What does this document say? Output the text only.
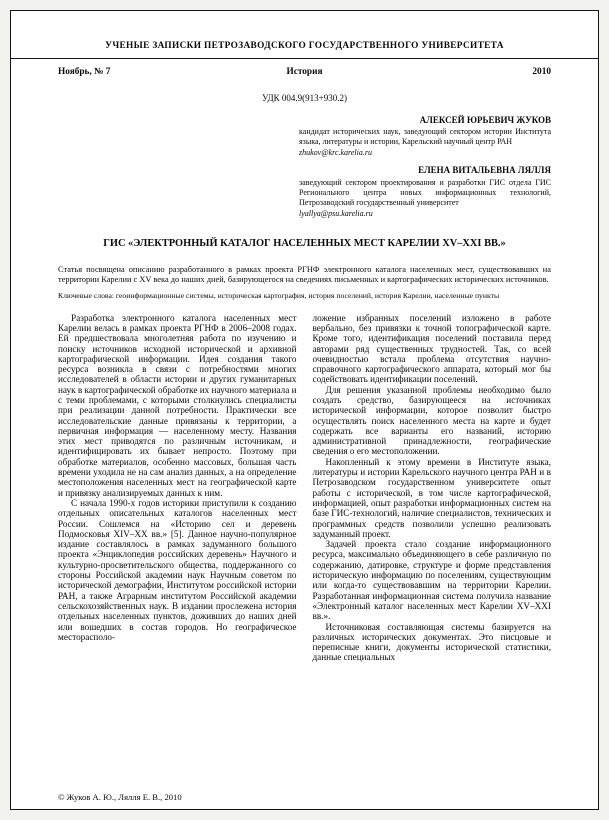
УЧЕНЫЕ ЗАПИСКИ ПЕТРОЗАВОДСКОГО ГОСУДАРСТВЕННОГО УНИВЕРСИТЕТА
Ноябрь, № 7	История	2010
УДК 004.9(913+930.2)
АЛЕКСЕЙ ЮРЬЕВИЧ ЖУКОВ
кандидат исторических наук, заведующий сектором истории Института языка, литературы и истории, Карельский научный центр РАН
zhukov@krc.karelia.ru
ЕЛЕНА ВИТАЛЬЕВНА ЛЯЛЛЯ
заведующий сектором проектирования и разработки ГИС отдела ГИС Регионального центра новых информационных технологий, Петрозаводский государственный университет
lyallya@psu.karelia.ru
ГИС «ЭЛЕКТРОННЫЙ КАТАЛОГ НАСЕЛЕННЫХ МЕСТ КАРЕЛИИ XV–XXI ВВ.»

Статья посвящена описанию разработанного в рамках проекта РГНФ электронного каталога населенных мест, существовавших на территории Карелии с XV века до наших дней, базирующегося на сведениях письменных и картографических исторических источников.

Ключевые слова: геоинформационные системы, историческая картография, история поселений, история Карелии, населенные пункты

Разработка электронного каталога населенных мест Карелии велась в рамках проекта РГНФ в 2006–2008 годах. Ей предшествовала многолетняя работа по изучению и поиску источников исходной исторической и архивной картографической информации. Идея создания такого ресурса возникла в связи с потребностями многих исследователей в области истории и других гуманитарных наук в картографической обработке их научного материала и с теми проблемами, с которыми столкнулись специалисты при реализации данной потребности. Практически все исследовательские данные привязаны к территории, а первичная информация — населенному месту. Названия этих мест приводятся по различным источникам, и идентифицировать их бывает непросто. Поэтому при обработке материалов, особенно массовых, большая часть времени уходила не на сам анализ данных, а на определение местоположения населенных мест на географической карте и привязку анализируемых данных к ним.

С начала 1990-х годов историки приступили к созданию отдельных описательных каталогов населенных мест России. Сошлемся на «Историю сел и деревень Подмосковья XIV–XX вв.» [5]. Данное научно-популярное издание составлялось в рамках задуманного большого проекта «Энциклопедия российских деревень» Научного и культурно-просветительского общества, поддержанного со стороны Российской академии наук Научным советом по исторической демографии, Институтом российской истории РАН, а также Аграрным институтом Российской академии сельскохозяйственных наук. В издании прослежена история отдельных населенных пунктов, доживших до наших дней или вошедших в состав городов. Но географическое месторасполо-

ложение избранных поселений изложено в работе вербально, без привязки к точной топографической карте. Кроме того, идентификация поселений поставила перед авторами ряд существенных трудностей. Так, со всей очевидностью встала проблема отсутствия научно-справочного картографического аппарата, который мог бы содействовать идентификации поселений.

Для решения указанной проблемы необходимо было создать средство, базирующееся на источниках исторической информации, которое позволит быстро осуществлять поиск населенного места на карте и будет содержать все варианты его названий, историю административной принадлежности, географические сведения о его местоположении.

Накопленный к этому времени в Институте языка, литературы и истории Карельского научного центра РАН и в Петрозаводском государственном университете опыт работы с исторической, в том числе картографической, информацией, опыт разработки информационных систем на базе ГИС-технологий, наличие специалистов, технических и программных средств позволили успешно реализовать задуманный проект.

Задачей проекта стало создание информационного ресурса, максимально объединяющего в себе различную по содержанию, датировке, структуре и форме представления историческую информацию по поселениям, существующим или когда-то существовавшим на территории Карелии. Разработанная информационная система получила название «Электронный каталог населенных мест Карелии XV–XXI вв.».

Источниковая составляющая системы базируется на различных исторических документах. Это писцовые и переписные книги, документы исторической статистики, данные специальных

© Жуков А. Ю., Лялля Е. В., 2010
